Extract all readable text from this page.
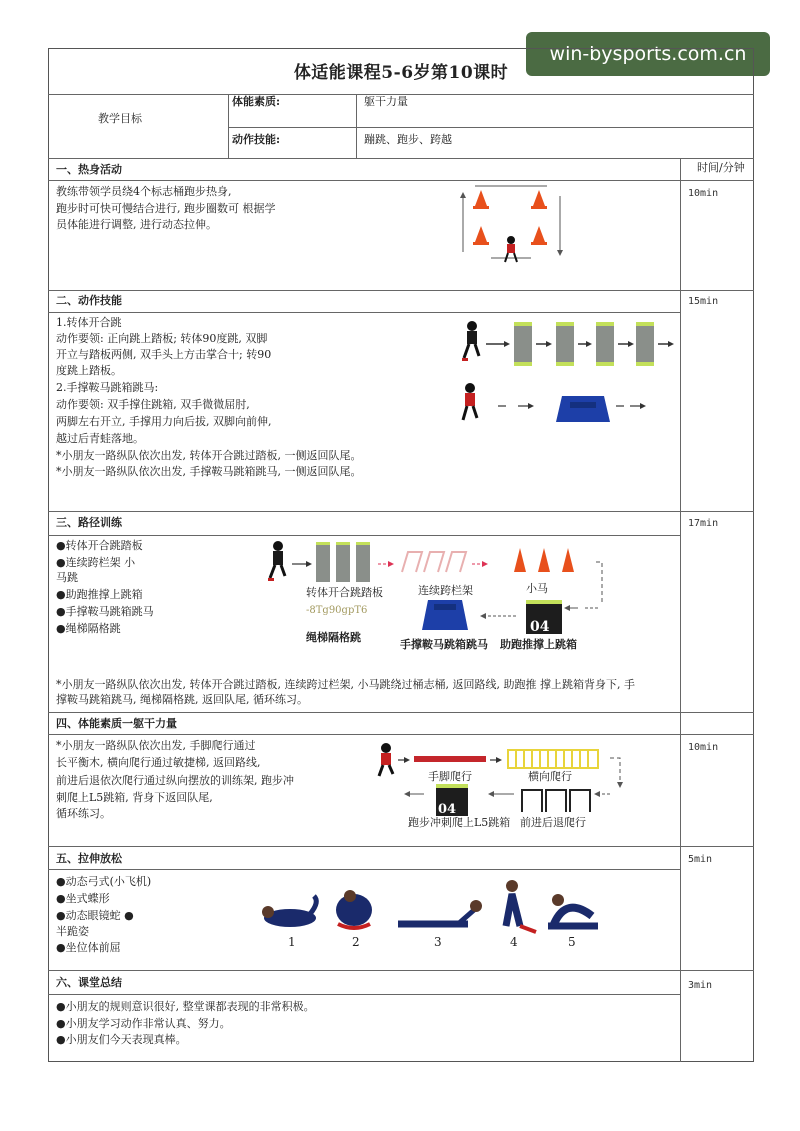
win-bysports.com.cn
体适能课程5-6岁第10课时
教学目标
体能素质:	躯干力量
动作技能:	蹦跳、跑步、跨越
时间/分钟
一、热身活动
10min
教练带领学员绕4个标志桶跑步热身,
跑步时可快可慢结合进行, 跑步圈数可 根据学
员体能进行调整, 进行动态拉伸。
二、动作技能	15min
1.转体开合跳
动作要领: 正向跳上踏板; 转体90度跳, 双脚
开立与踏板两侧, 双手头上方击掌合十; 转90
度跳上踏板。
2.手撑鞍马跳箱跳马:
动作要领: 双手撑住跳箱, 双手微微屈肘,
两脚左右开立, 手撑用力向后拔, 双脚向前伸,
越过后青蛙落地。
*小朋友一路纵队依次出发, 转体开合跳过踏板, 一侧返回队尾。
*小朋友一路纵队依次出发, 手撑鞍马跳箱跳马, 一侧返回队尾。
三、路径训练	17min
●转体开合跳踏板
●连续跨栏架 小
马跳
●助跑推撑上跳箱
●手撑鞍马跳箱跳马
●绳梯隔格跳
转体开合跳踏板	连续跨栏架	小马
04
-8Tg90gpT6
绳梯隔格跳
手撑鞍马跳箱跳马 助跑推撑上跳箱
*小朋友一路纵队依次出发, 转体开合跳过踏板, 连续跨过栏架, 小马跳绕过桶志桶, 返回路线, 助跑推 撑上跳箱背身下, 手
撑鞍马跳箱跳马, 绳梯隔格跳, 返回队尾, 循环练习。
四、体能素质一躯干力量
10min
*小朋友一路纵队依次出发, 手脚爬行通过
长平衡木, 横向爬行通过敏捷梯, 返回路线,
前进后退依次爬行通过纵向摆放的训练架, 跑步冲
刺爬上L5跳箱, 背身下返回队尾,
循环练习。
手脚爬行	横向爬行
04
跑步冲刺爬上L5跳箱 前进后退爬行
五、拉伸放松	5min
●动态弓式(小飞机)
●坐式蝶形
●动态眼镜蛇 ●
半跪姿
●坐位体前屈	1	2	3	4	5
六、课堂总结	3min
●小朋友的规则意识很好, 整堂课都表现的非常积极。
●小朋友学习动作非常认真、努力。
●小朋友们今天表现真棒。
